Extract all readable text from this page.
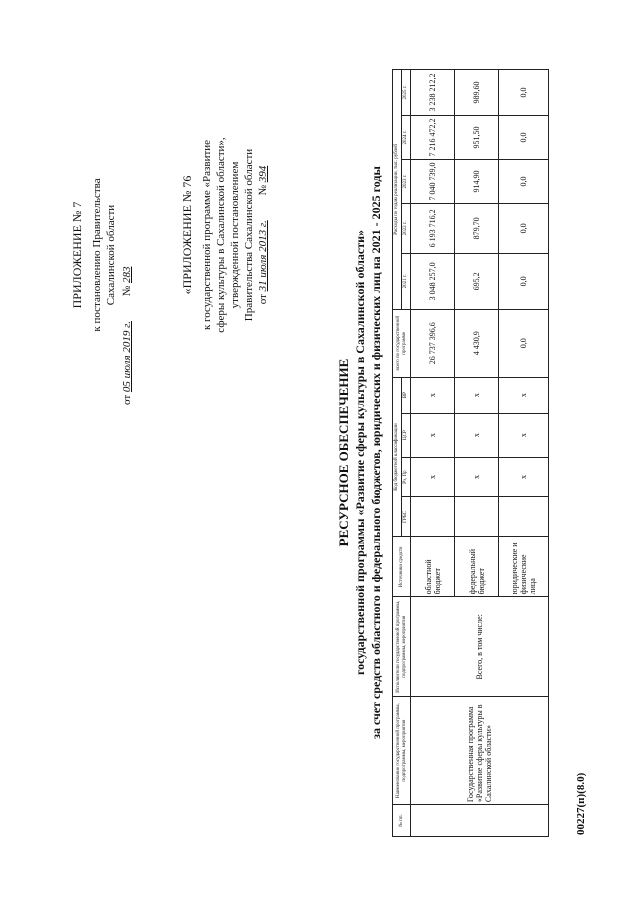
ПРИЛОЖЕНИЕ № 7 к постановлению Правительства Сахалинской области
от 05 июля 2019 г.         № 283	«ПРИЛОЖЕНИЕ № 76 к государственной программе «Развитие сферы культуры в Сахалинской области», утвержденной постановлением Правительства Сахалинской области от 31 июля 2013 г.         № 394
РЕСУРСНОЕ ОБЕСПЕЧЕНИЕ государственной программы «Развитие сферы культуры в Сахалинской области» за счет средств областного и федерального бюджетов, юридических и физических лиц на 2021 - 2025 годы
№ пп.	Наименование государственной программы, подпрограммы, мероприятия	Исполнители государственной программы, подпрограммы, мероприятия	Источники средств	Код бюджетной классификации				всего по государственной программе	Расходы по годам реализации, тыс. рублей				
				ГРБС	Рз, Пр	ЦСР	ВР		2021 г.	2022 г.	2023 г.	2024 г.	2025 г.
	Государственная программа «Развитие сферы культуры в Сахалинской области»	Всего, в том числе:	областной бюджет		х	х	х	26 737 396,6	3 048 257,0	6 193 716,2	7 040 739,0	7 216 472,2	3 238 212,2
			федеральный бюджет		х	х	х	4 430,9	695,2	879,70	914,90	951,50	989,60
			юридические и физические лица		х	х	х	0,0	0,0	0,0	0,0	0,0	0,0
00227(п)(8.0)
